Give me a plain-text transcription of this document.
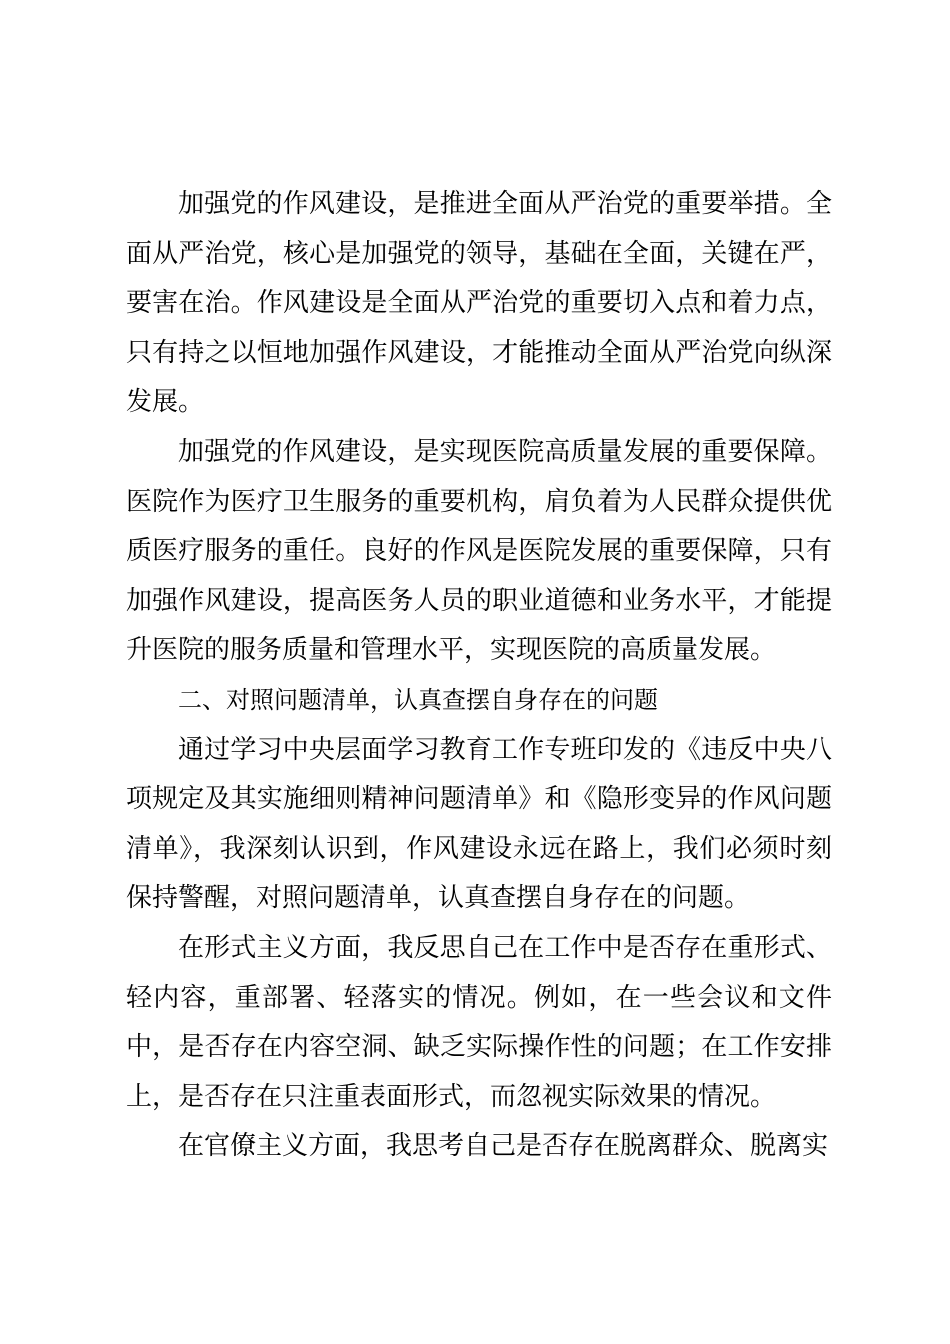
加强党的作风建设，是推进全面从严治党的重要举措。全面从严治党，核心是加强党的领导，基础在全面，关键在严，要害在治。作风建设是全面从严治党的重要切入点和着力点，只有持之以恒地加强作风建设，才能推动全面从严治党向纵深发展。

加强党的作风建设，是实现医院高质量发展的重要保障。医院作为医疗卫生服务的重要机构，肩负着为人民群众提供优质医疗服务的重任。良好的作风是医院发展的重要保障，只有加强作风建设，提高医务人员的职业道德和业务水平，才能提升医院的服务质量和管理水平，实现医院的高质量发展。

二、对照问题清单，认真查摆自身存在的问题

通过学习中央层面学习教育工作专班印发的《违反中央八项规定及其实施细则精神问题清单》和《隐形变异的作风问题清单》，我深刻认识到，作风建设永远在路上，我们必须时刻保持警醒，对照问题清单，认真查摆自身存在的问题。

在形式主义方面，我反思自己在工作中是否存在重形式、轻内容，重部署、轻落实的情况。例如，在一些会议和文件中，是否存在内容空洞、缺乏实际操作性的问题；在工作安排上，是否存在只注重表面形式，而忽视实际效果的情况。

在官僚主义方面，我思考自己是否存在脱离群众、脱离实
